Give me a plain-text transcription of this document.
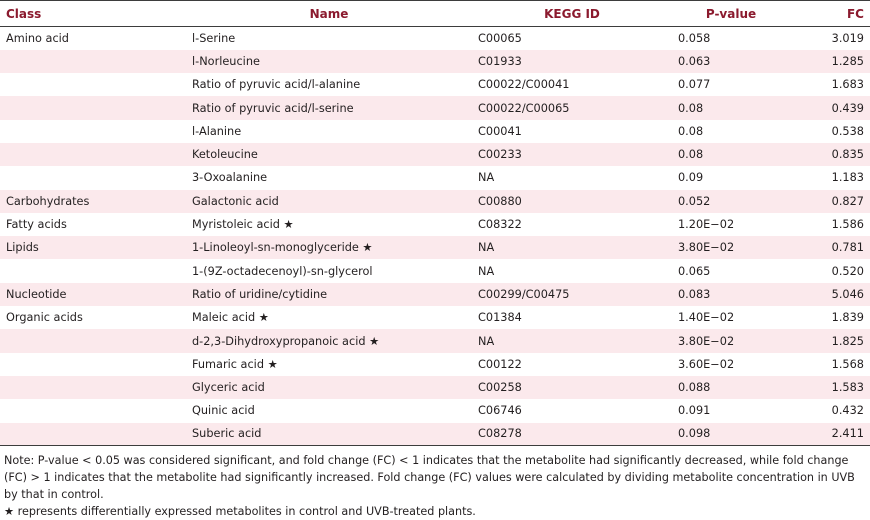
Class	Name	KEGG ID	P-value	FC
Amino acid	l-Serine	C00065	0.058	3.019
	l-Norleucine	C01933	0.063	1.285
	Ratio of pyruvic acid/l-alanine	C00022/C00041	0.077	1.683
	Ratio of pyruvic acid/l-serine	C00022/C00065	0.08	0.439
	l-Alanine	C00041	0.08	0.538
	Ketoleucine	C00233	0.08	0.835
	3-Oxoalanine	NA	0.09	1.183
Carbohydrates	Galactonic acid	C00880	0.052	0.827
Fatty acids	Myristoleic acid ★	C08322	1.20E−02	1.586
Lipids	1-Linoleoyl-sn-monoglyceride ★	NA	3.80E−02	0.781
	1-(9Z-octadecenoyl)-sn-glycerol	NA	0.065	0.520
Nucleotide	Ratio of uridine/cytidine	C00299/C00475	0.083	5.046
Organic acids	Maleic acid ★	C01384	1.40E−02	1.839
	d-2,3-Dihydroxypropanoic acid ★	NA	3.80E−02	1.825
	Fumaric acid ★	C00122	3.60E−02	1.568
	Glyceric acid	C00258	0.088	1.583
	Quinic acid	C06746	0.091	0.432
	Suberic acid	C08278	0.098	2.411

Note: P-value < 0.05 was considered significant, and fold change (FC) < 1 indicates that the metabolite had significantly decreased, while fold change (FC) > 1 indicates that the metabolite had significantly increased. Fold change (FC) values were calculated by dividing metabolite concentration in UVB by that in control.

★ represents differentially expressed metabolites in control and UVB-treated plants.
